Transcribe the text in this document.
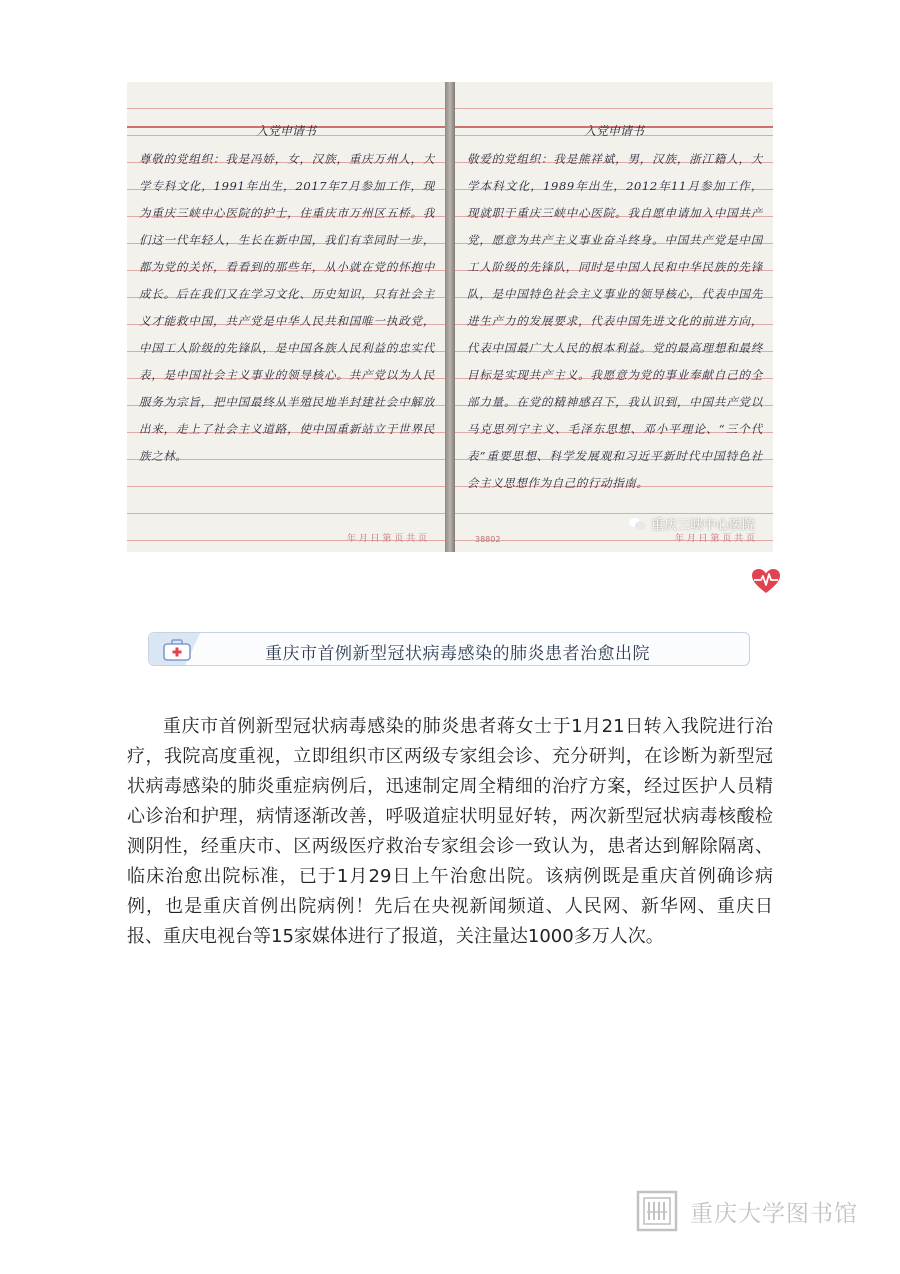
入党申请书
尊敬的党组织：我是冯娇，女，汉族，重庆万州人，大学专科文化，1991年出生，2017年7月参加工作，现为重庆三峡中心医院的护士，住重庆市万州区五桥。我们这一代年轻人，生长在新中国，我们有幸同时一步，都为党的关怀，看看到的那些年，从小就在党的怀抱中成长。后在我们又在学习文化、历史知识，只有社会主义才能救中国，共产党是中华人民共和国唯一执政党，中国工人阶级的先锋队，是中国各族人民利益的忠实代表，是中国社会主义事业的领导核心。共产党以为人民服务为宗旨，把中国最终从半殖民地半封建社会中解放出来，走上了社会主义道路，使中国重新站立于世界民族之林。
年 月 日 第 页 共 页
入党申请书
敬爱的党组织：我是熊祥斌，男，汉族，浙江籍人，大学本科文化，1989年出生，2012年11月参加工作，现就职于重庆三峡中心医院。我自愿申请加入中国共产党，愿意为共产主义事业奋斗终身。中国共产党是中国工人阶级的先锋队，同时是中国人民和中华民族的先锋队，是中国特色社会主义事业的领导核心，代表中国先进生产力的发展要求，代表中国先进文化的前进方向，代表中国最广大人民的根本利益。党的最高理想和最终目标是实现共产主义。我愿意为党的事业奉献自己的全部力量。在党的精神感召下，我认识到，中国共产党以马克思列宁主义、毛泽东思想、邓小平理论、“三个代表”重要思想、科学发展观和习近平新时代中国特色社会主义思想作为自己的行动指南。
38802	年 月 日 第 页 共 页
重庆三峡中心医院
重庆市首例新型冠状病毒感染的肺炎患者治愈出院

重庆市首例新型冠状病毒感染的肺炎患者蒋女士于1月21日转入我院进行治疗，我院高度重视，立即组织市区两级专家组会诊、充分研判，在诊断为新型冠状病毒感染的肺炎重症病例后，迅速制定周全精细的治疗方案，经过医护人员精心诊治和护理，病情逐渐改善，呼吸道症状明显好转，两次新型冠状病毒核酸检测阴性，经重庆市、区两级医疗救治专家组会诊一致认为，患者达到解除隔离、临床治愈出院标准，已于1月29日上午治愈出院。该病例既是重庆首例确诊病例，也是重庆首例出院病例！先后在央视新闻频道、人民网、新华网、重庆日报、重庆电视台等15家媒体进行了报道，关注量达1000多万人次。

重庆大学图书馆
